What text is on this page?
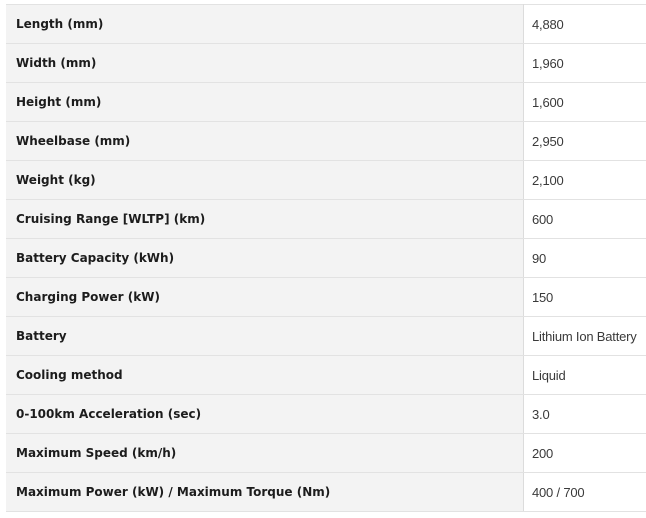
Length (mm)	4,880
Width (mm)	1,960
Height (mm)	1,600
Wheelbase (mm)	2,950
Weight (kg)	2,100
Cruising Range [WLTP] (km)	600
Battery Capacity (kWh)	90
Charging Power (kW)	150
Battery	Lithium Ion Battery
Cooling method	Liquid
0-100km Acceleration (sec)	3.0
Maximum Speed (km/h)	200
Maximum Power (kW) / Maximum Torque (Nm)	400 / 700
